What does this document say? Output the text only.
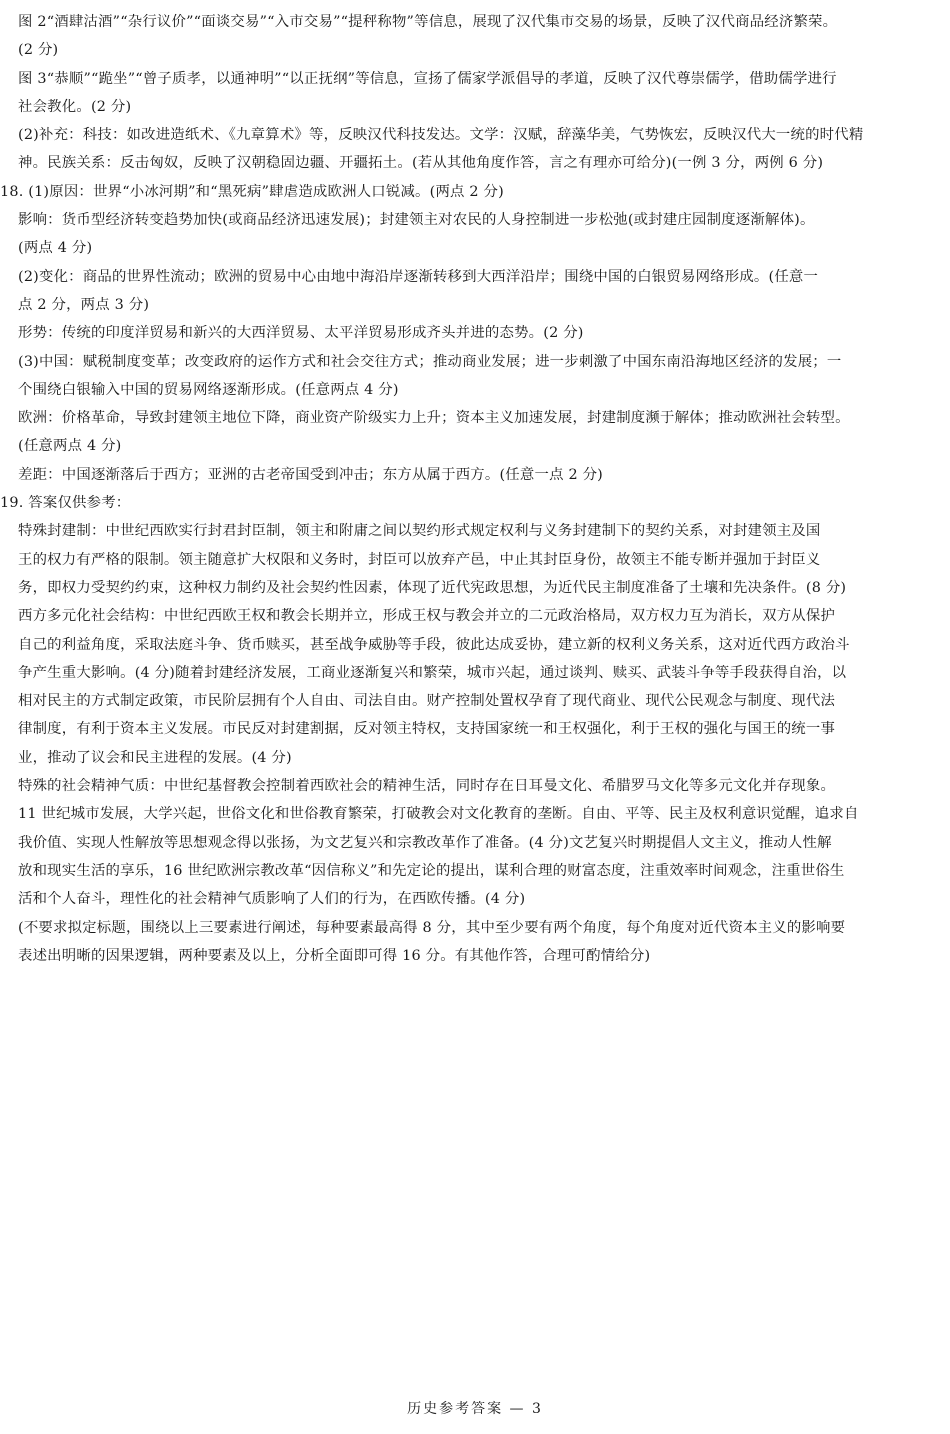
图 2“酒肆沽酒”“杂行议价”“面谈交易”“入市交易”“提秤称物”等信息，展现了汉代集市交易的场景，反映了汉代商品经济繁荣。
(2 分)
图 3“恭顺”“跪坐”“曾子质孝，以通神明”“以正抚纲”等信息，宣扬了儒家学派倡导的孝道，反映了汉代尊崇儒学，借助儒学进行
社会教化。(2 分)
(2)补充：科技：如改进造纸术、《九章算术》等，反映汉代科技发达。文学：汉赋，辞藻华美，气势恢宏，反映汉代大一统的时代精
神。民族关系：反击匈奴，反映了汉朝稳固边疆、开疆拓土。(若从其他角度作答，言之有理亦可给分)(一例 3 分，两例 6 分)
18. (1)原因：世界“小冰河期”和“黑死病”肆虐造成欧洲人口锐减。(两点 2 分)
影响：货币型经济转变趋势加快(或商品经济迅速发展)；封建领主对农民的人身控制进一步松弛(或封建庄园制度逐渐解体)。
(两点 4 分)
(2)变化：商品的世界性流动；欧洲的贸易中心由地中海沿岸逐渐转移到大西洋沿岸；围绕中国的白银贸易网络形成。(任意一
点 2 分，两点 3 分)
形势：传统的印度洋贸易和新兴的大西洋贸易、太平洋贸易形成齐头并进的态势。(2 分)
(3)中国：赋税制度变革；改变政府的运作方式和社会交往方式；推动商业发展；进一步刺激了中国东南沿海地区经济的发展；一
个围绕白银输入中国的贸易网络逐渐形成。(任意两点 4 分)
欧洲：价格革命，导致封建领主地位下降，商业资产阶级实力上升；资本主义加速发展，封建制度濒于解体；推动欧洲社会转型。
(任意两点 4 分)
差距：中国逐渐落后于西方；亚洲的古老帝国受到冲击；东方从属于西方。(任意一点 2 分)
19. 答案仅供参考：
特殊封建制：中世纪西欧实行封君封臣制，领主和附庸之间以契约形式规定权利与义务封建制下的契约关系，对封建领主及国
王的权力有严格的限制。领主随意扩大权限和义务时，封臣可以放弃产邑，中止其封臣身份，故领主不能专断并强加于封臣义
务，即权力受契约约束，这种权力制约及社会契约性因素，体现了近代宪政思想，为近代民主制度准备了土壤和先决条件。(8 分)
西方多元化社会结构：中世纪西欧王权和教会长期并立，形成王权与教会并立的二元政治格局，双方权力互为消长，双方从保护
自己的利益角度，采取法庭斗争、货币赎买，甚至战争威胁等手段，彼此达成妥协，建立新的权利义务关系，这对近代西方政治斗
争产生重大影响。(4 分)随着封建经济发展，工商业逐渐复兴和繁荣，城市兴起，通过谈判、赎买、武装斗争等手段获得自治，以
相对民主的方式制定政策，市民阶层拥有个人自由、司法自由。财产控制处置权孕育了现代商业、现代公民观念与制度、现代法
律制度，有利于资本主义发展。市民反对封建割据，反对领主特权，支持国家统一和王权强化，利于王权的强化与国王的统一事
业，推动了议会和民主进程的发展。(4 分)
特殊的社会精神气质：中世纪基督教会控制着西欧社会的精神生活，同时存在日耳曼文化、希腊罗马文化等多元文化并存现象。
11 世纪城市发展，大学兴起，世俗文化和世俗教育繁荣，打破教会对文化教育的垄断。自由、平等、民主及权利意识觉醒，追求自
我价值、实现人性解放等思想观念得以张扬，为文艺复兴和宗教改革作了准备。(4 分)文艺复兴时期提倡人文主义，推动人性解
放和现实生活的享乐，16 世纪欧洲宗教改革“因信称义”和先定论的提出，谋利合理的财富态度，注重效率时间观念，注重世俗生
活和个人奋斗，理性化的社会精神气质影响了人们的行为，在西欧传播。(4 分)
(不要求拟定标题，围绕以上三要素进行阐述，每种要素最高得 8 分，其中至少要有两个角度，每个角度对近代资本主义的影响要
表述出明晰的因果逻辑，两种要素及以上，分析全面即可得 16 分。有其他作答，合理可酌情给分)
历史参考答案 — 3
